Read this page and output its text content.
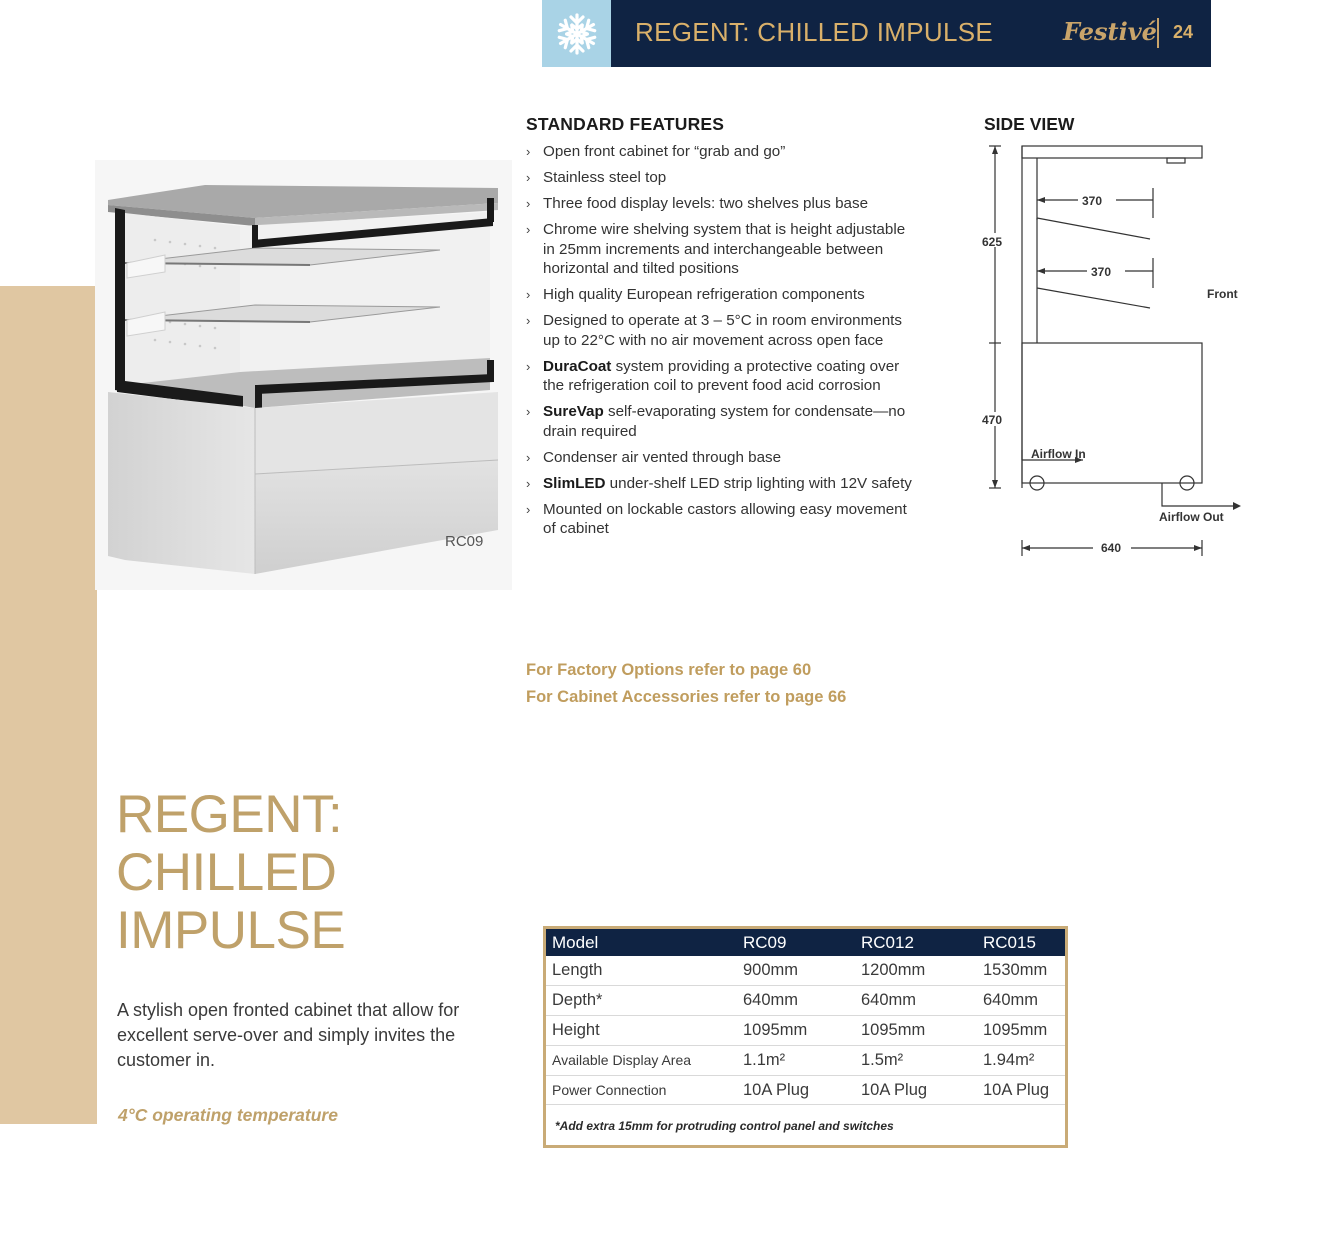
REGENT: CHILLED IMPULSE	Festivé 24
RC09
STANDARD FEATURES
› Open front cabinet for “grab and go”
› Stainless steel top
› Three food display levels: two shelves plus base
› Chrome wire shelving system that is height adjustable in 25mm increments and interchangeable between horizontal and tilted positions
› High quality European refrigeration components
› Designed to operate at 3 – 5°C in room environments up to 22°C with no air movement across open face
› DuraCoat system providing a protective coating over the refrigeration coil to prevent food acid corrosion
› SureVap self-evaporating system for condensate—no drain required
› Condenser air vented through base
› SlimLED under-shelf LED strip lighting with 12V safety
› Mounted on lockable castors allowing easy movement of cabinet
For Factory Options refer to page 60
For Cabinet Accessories refer to page 66
SIDE VIEW
370
370
625
470
640
Front
Airflow In
Airflow Out
REGENT:
CHILLED
IMPULSE

A stylish open fronted cabinet that allow for excellent serve-over and simply invites the customer in.

4°C operating temperature
Model	RC09	RC012	RC015
Length	900mm	1200mm	1530mm
Depth*	640mm	640mm	640mm
Height	1095mm	1095mm	1095mm
Available Display Area	1.1m²	1.5m²	1.94m²
Power Connection	10A Plug	10A Plug	10A Plug
*Add extra 15mm for protruding control panel and switches
